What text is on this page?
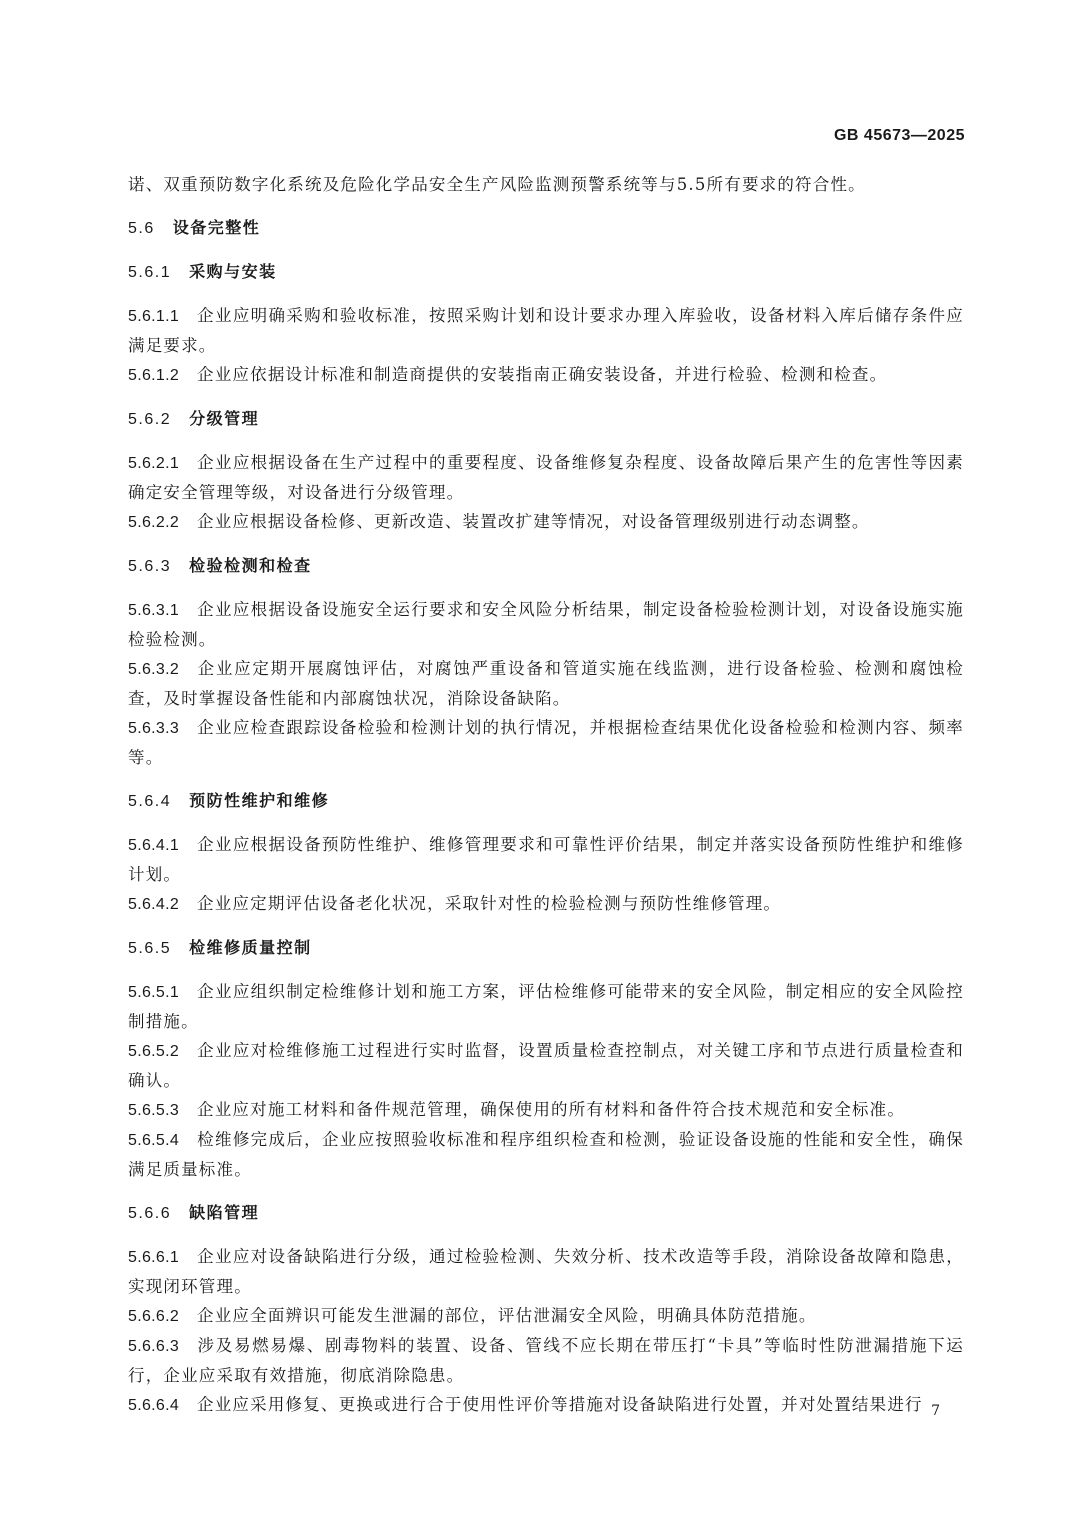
GB 45673—2025
诺、双重预防数字化系统及危险化学品安全生产风险监测预警系统等与5.5所有要求的符合性。
5.6 设备完整性
5.6.1 采购与安装
5.6.1.1 企业应明确采购和验收标准，按照采购计划和设计要求办理入库验收，设备材料入库后储存条件应满足要求。
5.6.1.2 企业应依据设计标准和制造商提供的安装指南正确安装设备，并进行检验、检测和检查。
5.6.2 分级管理
5.6.2.1 企业应根据设备在生产过程中的重要程度、设备维修复杂程度、设备故障后果产生的危害性等因素确定安全管理等级，对设备进行分级管理。
5.6.2.2 企业应根据设备检修、更新改造、装置改扩建等情况，对设备管理级别进行动态调整。
5.6.3 检验检测和检查
5.6.3.1 企业应根据设备设施安全运行要求和安全风险分析结果，制定设备检验检测计划，对设备设施实施检验检测。
5.6.3.2 企业应定期开展腐蚀评估，对腐蚀严重设备和管道实施在线监测，进行设备检验、检测和腐蚀检查，及时掌握设备性能和内部腐蚀状况，消除设备缺陷。
5.6.3.3 企业应检查跟踪设备检验和检测计划的执行情况，并根据检查结果优化设备检验和检测内容、频率等。
5.6.4 预防性维护和维修
5.6.4.1 企业应根据设备预防性维护、维修管理要求和可靠性评价结果，制定并落实设备预防性维护和维修计划。
5.6.4.2 企业应定期评估设备老化状况，采取针对性的检验检测与预防性维修管理。
5.6.5 检维修质量控制
5.6.5.1 企业应组织制定检维修计划和施工方案，评估检维修可能带来的安全风险，制定相应的安全风险控制措施。
5.6.5.2 企业应对检维修施工过程进行实时监督，设置质量检查控制点，对关键工序和节点进行质量检查和确认。
5.6.5.3 企业应对施工材料和备件规范管理，确保使用的所有材料和备件符合技术规范和安全标准。
5.6.5.4 检维修完成后，企业应按照验收标准和程序组织检查和检测，验证设备设施的性能和安全性，确保满足质量标准。
5.6.6 缺陷管理
5.6.6.1 企业应对设备缺陷进行分级，通过检验检测、失效分析、技术改造等手段，消除设备故障和隐患，实现闭环管理。
5.6.6.2 企业应全面辨识可能发生泄漏的部位，评估泄漏安全风险，明确具体防范措施。
5.6.6.3 涉及易燃易爆、剧毒物料的装置、设备、管线不应长期在带压打“卡具”等临时性防泄漏措施下运行，企业应采取有效措施，彻底消除隐患。
5.6.6.4 企业应采用修复、更换或进行合于使用性评价等措施对设备缺陷进行处置，并对处置结果进行 7
